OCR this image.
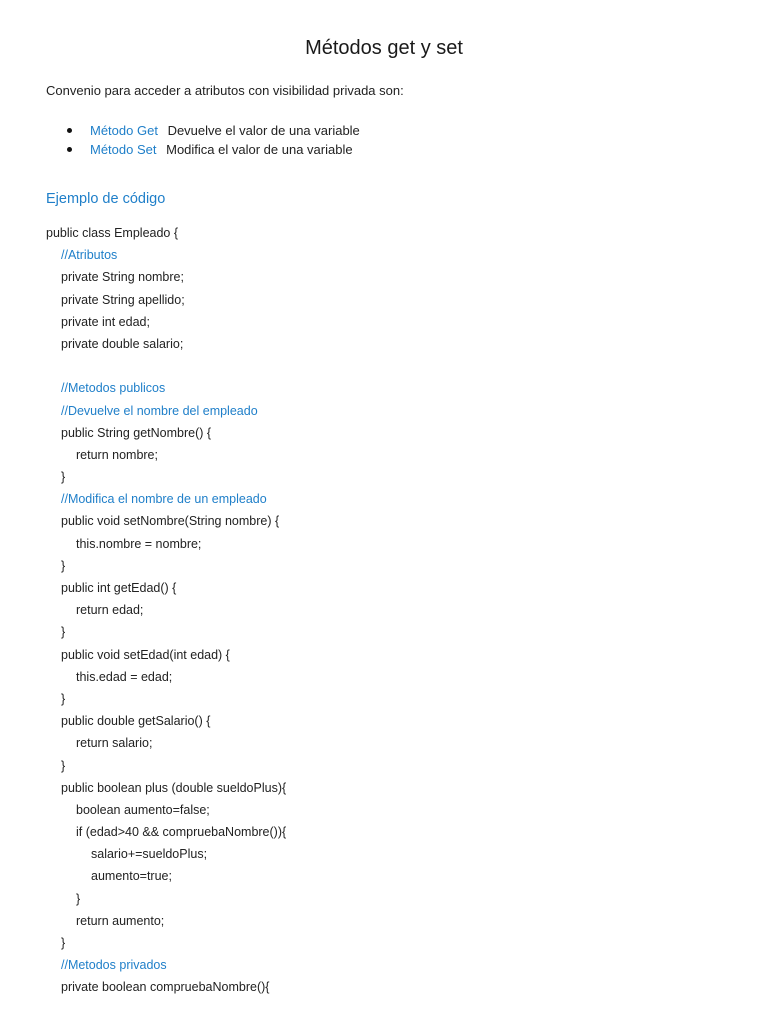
Métodos get y set

Convenio para acceder a atributos con visibilidad privada son:

Método Get Devuelve el valor de una variable
Método Set Modifica el valor de una variable
Ejemplo de código
public class Empleado {
//Atributos
private String nombre;
private String apellido;
private int edad;
private double salario;
//Metodos publicos
//Devuelve el nombre del empleado
public String getNombre() {
return nombre;
}
//Modifica el nombre de un empleado
public void setNombre(String nombre) {
this.nombre = nombre;
}
public int getEdad() {
return edad;
}
public void setEdad(int edad) {
this.edad = edad;
}
public double getSalario() {
return salario;
}
public boolean plus (double sueldoPlus){
boolean aumento=false;
if (edad>40 && compruebaNombre()){
salario+=sueldoPlus;
aumento=true;
}
return aumento;
}
//Metodos privados
private boolean compruebaNombre(){
